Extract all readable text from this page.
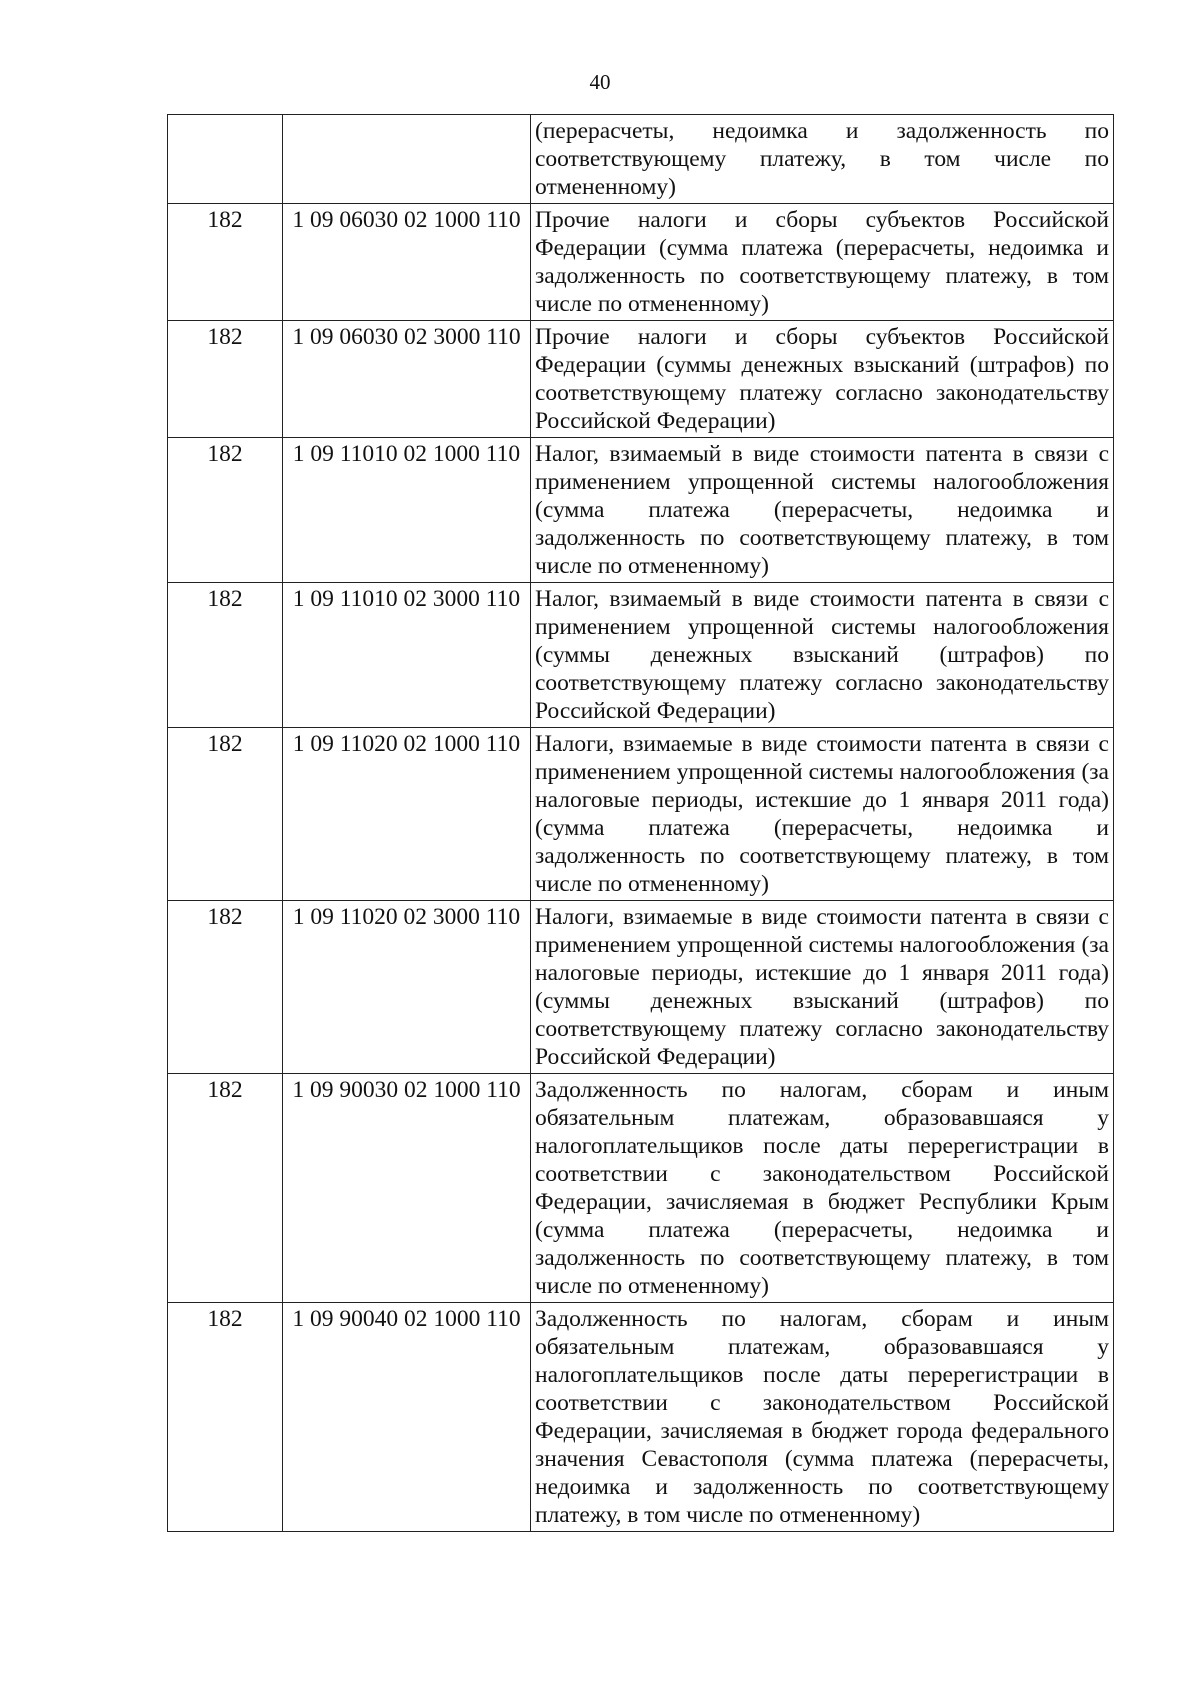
40
		(перерасчеты, недоимка и задолженность по соответствующему платежу, в том числе по отмененному)
182	1 09 06030 02 1000 110	Прочие налоги и сборы субъектов Российской Федерации (сумма платежа (перерасчеты, недоимка и задолженность по соответствующему платежу, в том числе по отмененному)
182	1 09 06030 02 3000 110	Прочие налоги и сборы субъектов Российской Федерации (суммы денежных взысканий (штрафов) по соответствующему платежу согласно законодательству Российской Федерации)
182	1 09 11010 02 1000 110	Налог, взимаемый в виде стоимости патента в связи с применением упрощенной системы налогообложения (сумма платежа (перерасчеты, недоимка и задолженность по соответствующему платежу, в том числе по отмененному)
182	1 09 11010 02 3000 110	Налог, взимаемый в виде стоимости патента в связи с применением упрощенной системы налогообложения (суммы денежных взысканий (штрафов) по соответствующему платежу согласно законодательству Российской Федерации)
182	1 09 11020 02 1000 110	Налоги, взимаемые в виде стоимости патента в связи с применением упрощенной системы налогообложения (за налоговые периоды, истекшие до 1 января 2011 года) (сумма платежа (перерасчеты, недоимка и задолженность по соответствующему платежу, в том числе по отмененному)
182	1 09 11020 02 3000 110	Налоги, взимаемые в виде стоимости патента в связи с применением упрощенной системы налогообложения (за налоговые периоды, истекшие до 1 января 2011 года) (суммы денежных взысканий (штрафов) по соответствующему платежу согласно законодательству Российской Федерации)
182	1 09 90030 02 1000 110	Задолженность по налогам, сборам и иным обязательным платежам, образовавшаяся у налогоплательщиков после даты перерегистрации в соответствии с законодательством Российской Федерации, зачисляемая в бюджет Республики Крым (сумма платежа (перерасчеты, недоимка и задолженность по соответствующему платежу, в том числе по отмененному)
182	1 09 90040 02 1000 110	Задолженность по налогам, сборам и иным обязательным платежам, образовавшаяся у налогоплательщиков после даты перерегистрации в соответствии с законодательством Российской Федерации, зачисляемая в бюджет города федерального значения Севастополя (сумма платежа (перерасчеты, недоимка и задолженность по соответствующему платежу, в том числе по отмененному)
